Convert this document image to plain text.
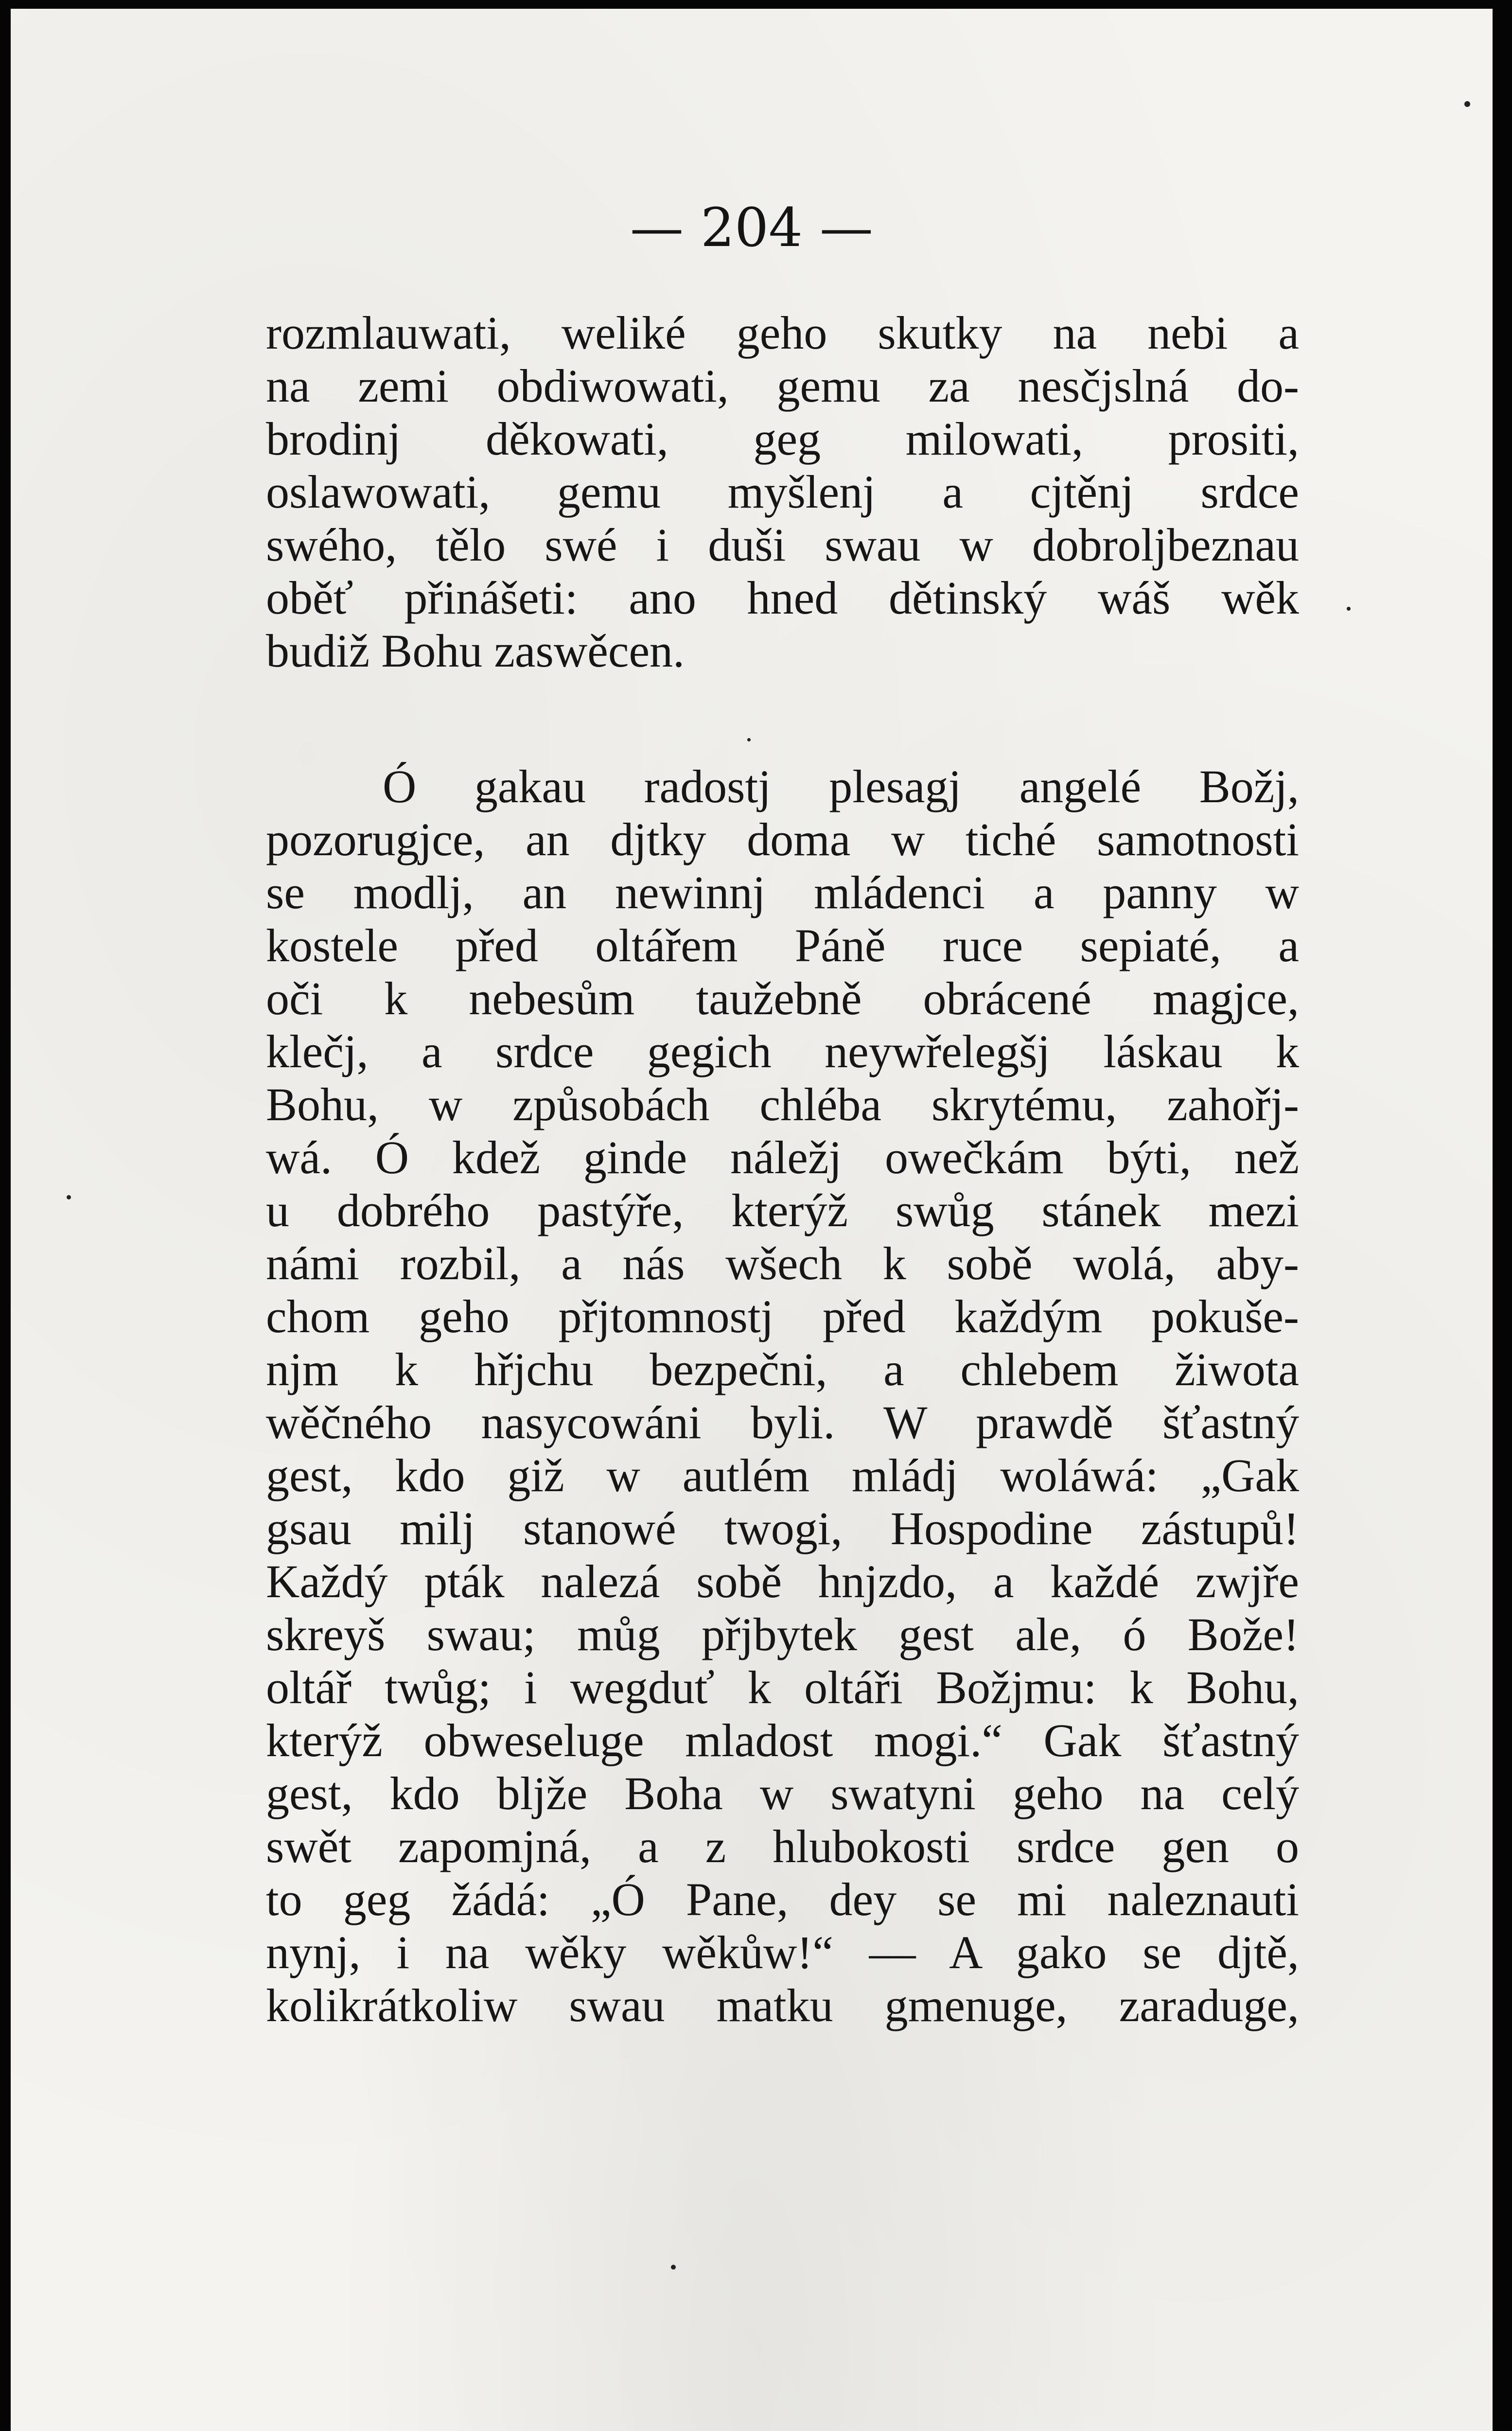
— 204 —
rozmlauwati, weliké geho skutky na nebi a
na zemi obdiwowati, gemu za nesčjslná do-
brodinj děkowati, geg milowati, prositi,
oslawowati, gemu myšlenj a cjtěnj srdce
swého, tělo swé i duši swau w dobroljbeznau
oběť přinášeti: ano hned dětinský wáš wěk
budiž Bohu zaswěcen.
Ó gakau radostj plesagj angelé Božj,
pozorugjce, an djtky doma w tiché samotnosti
se modlj, an newinnj mládenci a panny w
kostele před oltářem Páně ruce sepiaté, a
oči k nebesům taužebně obrácené magjce,
klečj, a srdce gegich neywřelegšj láskau k
Bohu, w způsobách chléba skrytému, zahořj-
wá. Ó kdež ginde náležj owečkám býti, než
u dobrého pastýře, kterýž swůg stánek mezi
námi rozbil, a nás wšech k sobě wolá, aby-
chom geho přjtomnostj před každým pokuše-
njm k hřjchu bezpečni, a chlebem žiwota
wěčného nasycowáni byli. W prawdě šťastný
gest, kdo giž w autlém mládj woláwá: „Gak
gsau milj stanowé twogi, Hospodine zástupů!
Každý pták nalezá sobě hnjzdo, a každé zwjře
skreyš swau; můg přjbytek gest ale, ó Bože!
oltář twůg; i wegduť k oltáři Božjmu: k Bohu,
kterýž obweseluge mladost mogi.“ Gak šťastný
gest, kdo bljže Boha w swatyni geho na celý
swět zapomjná, a z hlubokosti srdce gen o
to geg žádá: „Ó Pane, dey se mi naleznauti
nynj, i na wěky wěkůw!“ — A gako se djtě,
kolikrátkoliw swau matku gmenuge, zaraduge,
